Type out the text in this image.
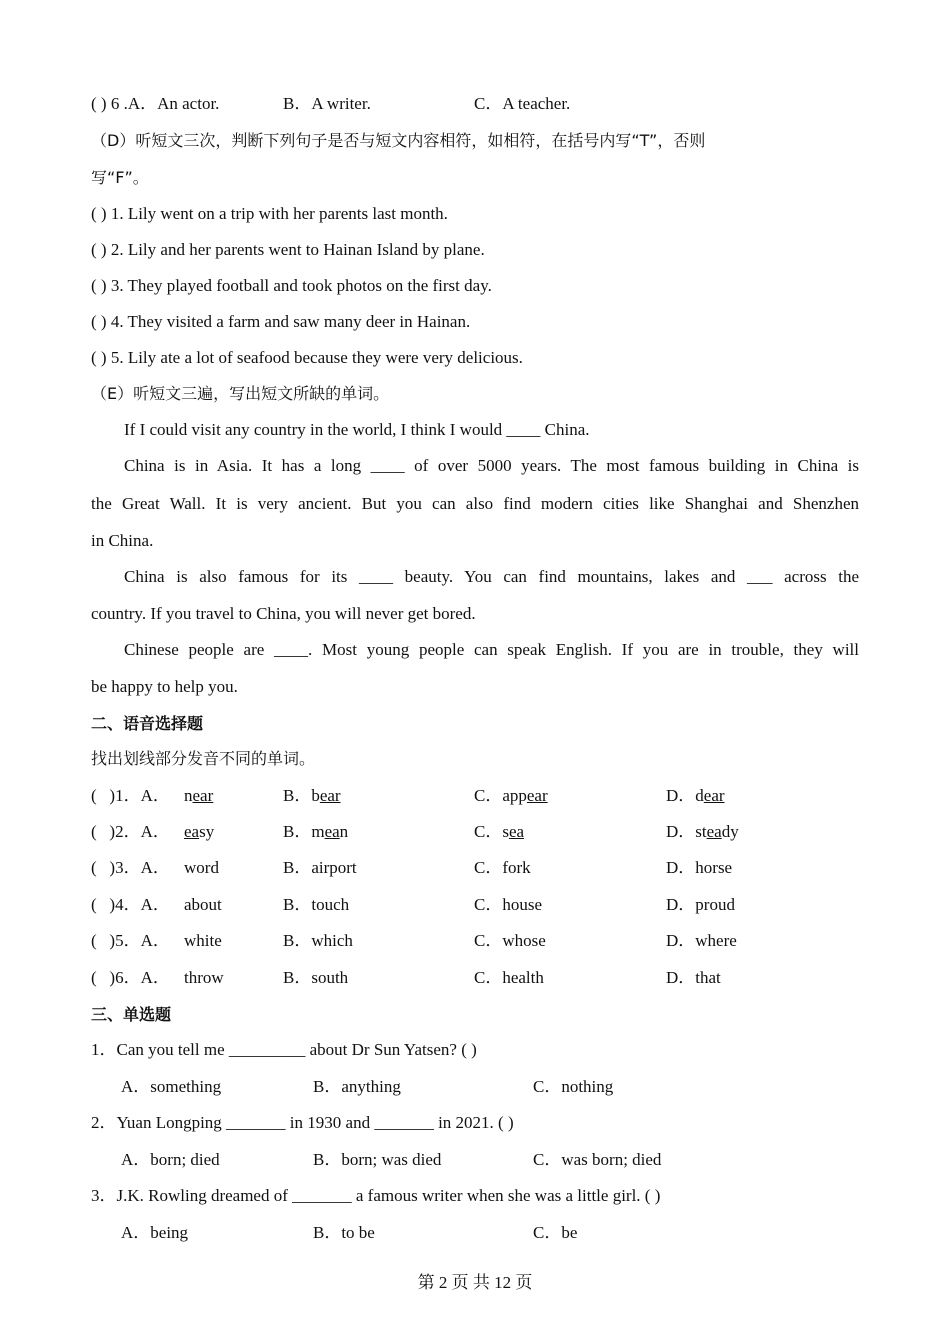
( ) 6 .A．An actor.	B．A writer.	C．A teacher.
（D）听短文三次，判断下列句子是否与短文内容相符，如相符，在括号内写“T”，否则
写“F”。
( ) 1. Lily went on a trip with her parents last month.
( ) 2. Lily and her parents went to Hainan Island by plane.
( ) 3. They played football and took photos on the first day.
( ) 4. They visited a farm and saw many deer in Hainan.
( ) 5. Lily ate a lot of seafood because they were very delicious.
（E）听短文三遍，写出短文所缺的单词。
If I could visit any country in the world, I think I would ____ China.
China is in Asia. It has a long ____ of over 5000 years. The most famous building in China is
the Great Wall. It is very ancient. But you can also find modern cities like Shanghai and Shenzhen
in China.
China is also famous for its ____ beauty. You can find mountains, lakes and ___ across the
country. If you travel to China, you will never get bored.
Chinese people are ____. Most young people can speak English. If you are in trouble, they will
be happy to help you.
二、语音选择题
找出划线部分发音不同的单词。
(   )1．A． near	B．bear	C．appear	D．dear
(   )2．A． easy	B．mean	C．sea	D．steady
(   )3．A． word	B．airport	C．fork	D．horse
(   )4．A． about	B．touch	C．house	D．proud
(   )5．A． white	B．which	C．whose	D．where
(   )6．A． throw	B．south	C．health	D．that
三、单选题
1．Can you tell me _________ about Dr Sun Yatsen? ( )
A．something	B．anything	C．nothing
2．Yuan Longping _______ in 1930 and _______ in 2021. ( )
A．born; died	B．born; was died	C．was born; died
3．J.K. Rowling dreamed of _______ a famous writer when she was a little girl. ( )
A．being	B．to be	C．be
第 2 页 共 12 页
